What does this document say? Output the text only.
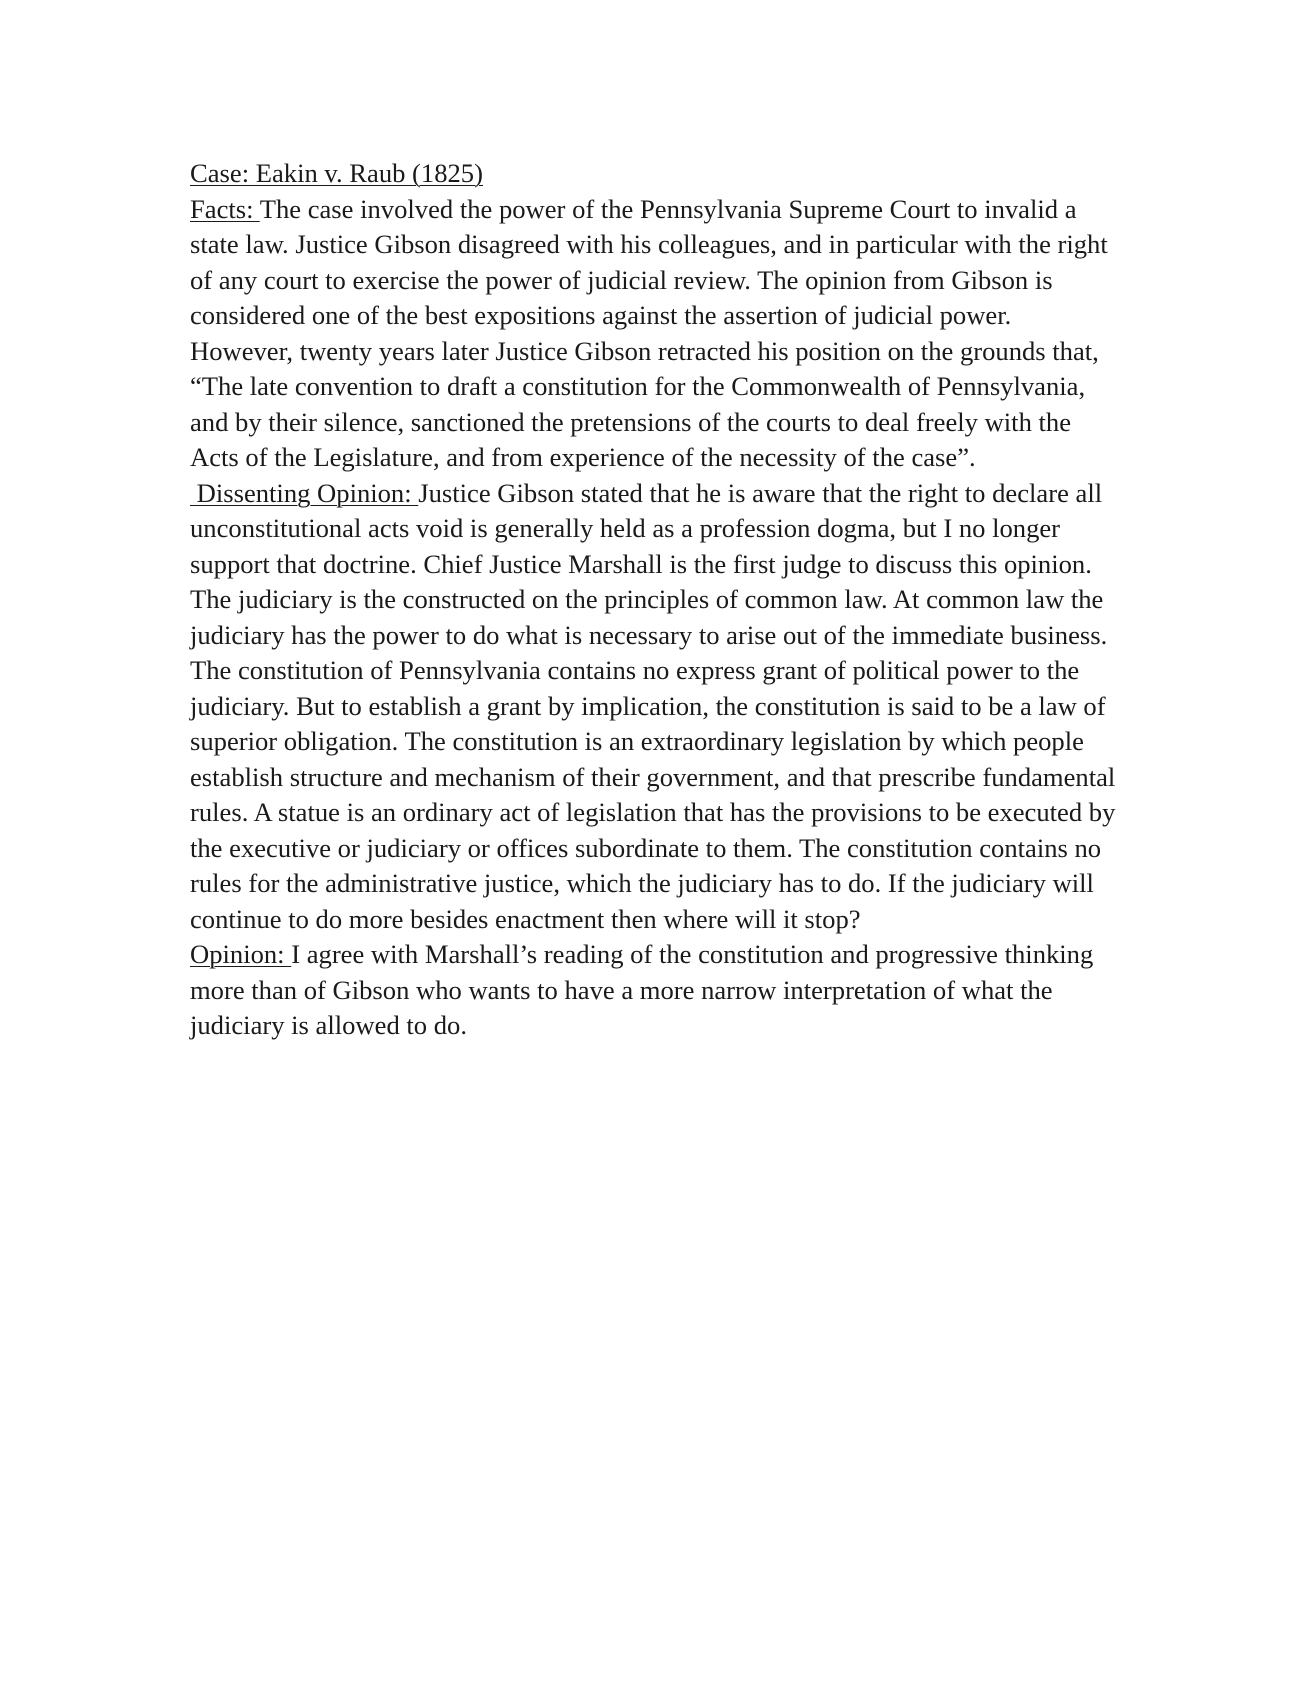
Case: Eakin v. Raub (1825)

Facts: The case involved the power of the Pennsylvania Supreme Court to invalid a state law. Justice Gibson disagreed with his colleagues, and in particular with the right of any court to exercise the power of judicial review. The opinion from Gibson is considered one of the best expositions against the assertion of judicial power. However, twenty years later Justice Gibson retracted his position on the grounds that, “The late convention to draft a constitution for the Commonwealth of Pennsylvania, and by their silence, sanctioned the pretensions of the courts to deal freely with the Acts of the Legislature, and from experience of the necessity of the case”.

Dissenting Opinion: Justice Gibson stated that he is aware that the right to declare all unconstitutional acts void is generally held as a profession dogma, but I no longer support that doctrine. Chief Justice Marshall is the first judge to discuss this opinion. The judiciary is the constructed on the principles of common law. At common law the judiciary has the power to do what is necessary to arise out of the immediate business. The constitution of Pennsylvania contains no express grant of political power to the judiciary. But to establish a grant by implication, the constitution is said to be a law of superior obligation. The constitution is an extraordinary legislation by which people establish structure and mechanism of their government, and that prescribe fundamental rules. A statue is an ordinary act of legislation that has the provisions to be executed by the executive or judiciary or offices subordinate to them. The constitution contains no rules for the administrative justice, which the judiciary has to do. If the judiciary will continue to do more besides enactment then where will it stop?

Opinion: I agree with Marshall’s reading of the constitution and progressive thinking more than of Gibson who wants to have a more narrow interpretation of what the judiciary is allowed to do.
